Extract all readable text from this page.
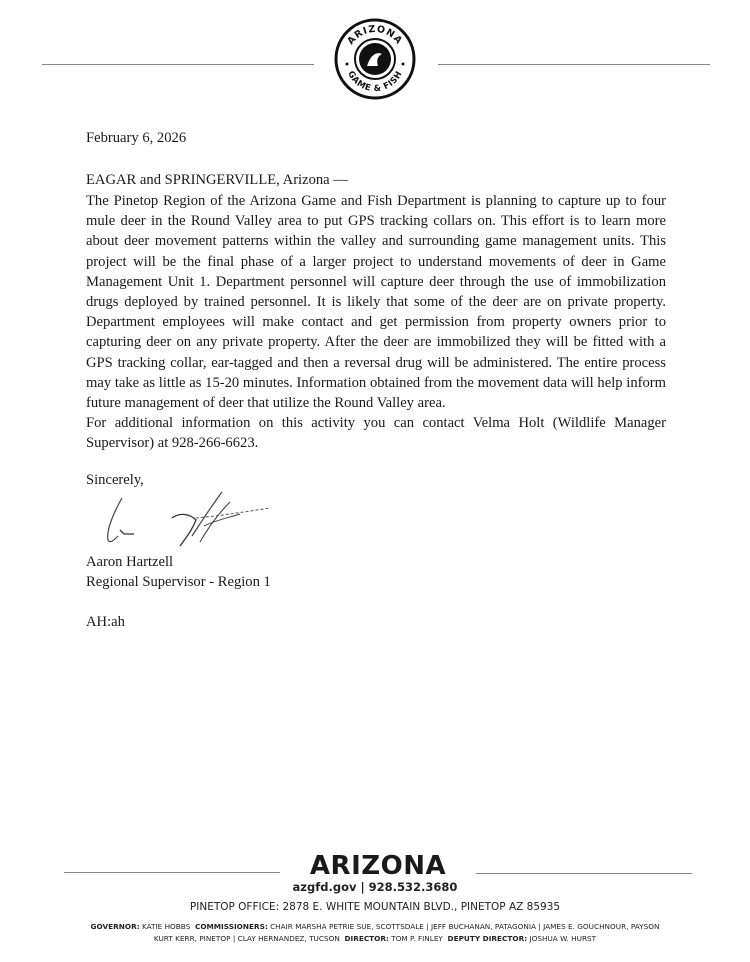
ARIZONA
GAME & FISH
February 6, 2026
EAGAR and SPRINGERVILLE, Arizona —

The Pinetop Region of the Arizona Game and Fish Department is planning to capture up to four mule deer in the Round Valley area to put GPS tracking collars on. This effort is to learn more about deer movement patterns within the valley and surrounding game management units. This project will be the final phase of a larger project to understand movements of deer in Game Management Unit 1. Department personnel will capture deer through the use of immobilization drugs deployed by trained personnel. It is likely that some of the deer are on private property. Department employees will make contact and get permission from property owners prior to capturing deer on any private property. After the deer are immobilized they will be fitted with a GPS tracking collar, ear-tagged and then a reversal drug will be administered. The entire process may take as little as 15-20 minutes. Information obtained from the movement data will help inform future management of deer that utilize the Round Valley area.

For additional information on this activity you can contact Velma Holt (Wildlife Manager Supervisor) at 928-266-6623.

Sincerely,
Aaron Hartzell
Regional Supervisor - Region 1
AH:ah
ARIZONA
azgfd.gov | 928.532.3680
PINETOP OFFICE: 2878 E. WHITE MOUNTAIN BLVD., PINETOP AZ 85935
GOVERNOR: KATIE HOBBS COMMISSIONERS: CHAIR MARSHA PETRIE SUE, SCOTTSDALE | JEFF BUCHANAN, PATAGONIA | JAMES E. GOUCHNOUR, PAYSON
KURT KERR, PINETOP | CLAY HERNANDEZ, TUCSON DIRECTOR: TOM P. FINLEY DEPUTY DIRECTOR: JOSHUA W. HURST
